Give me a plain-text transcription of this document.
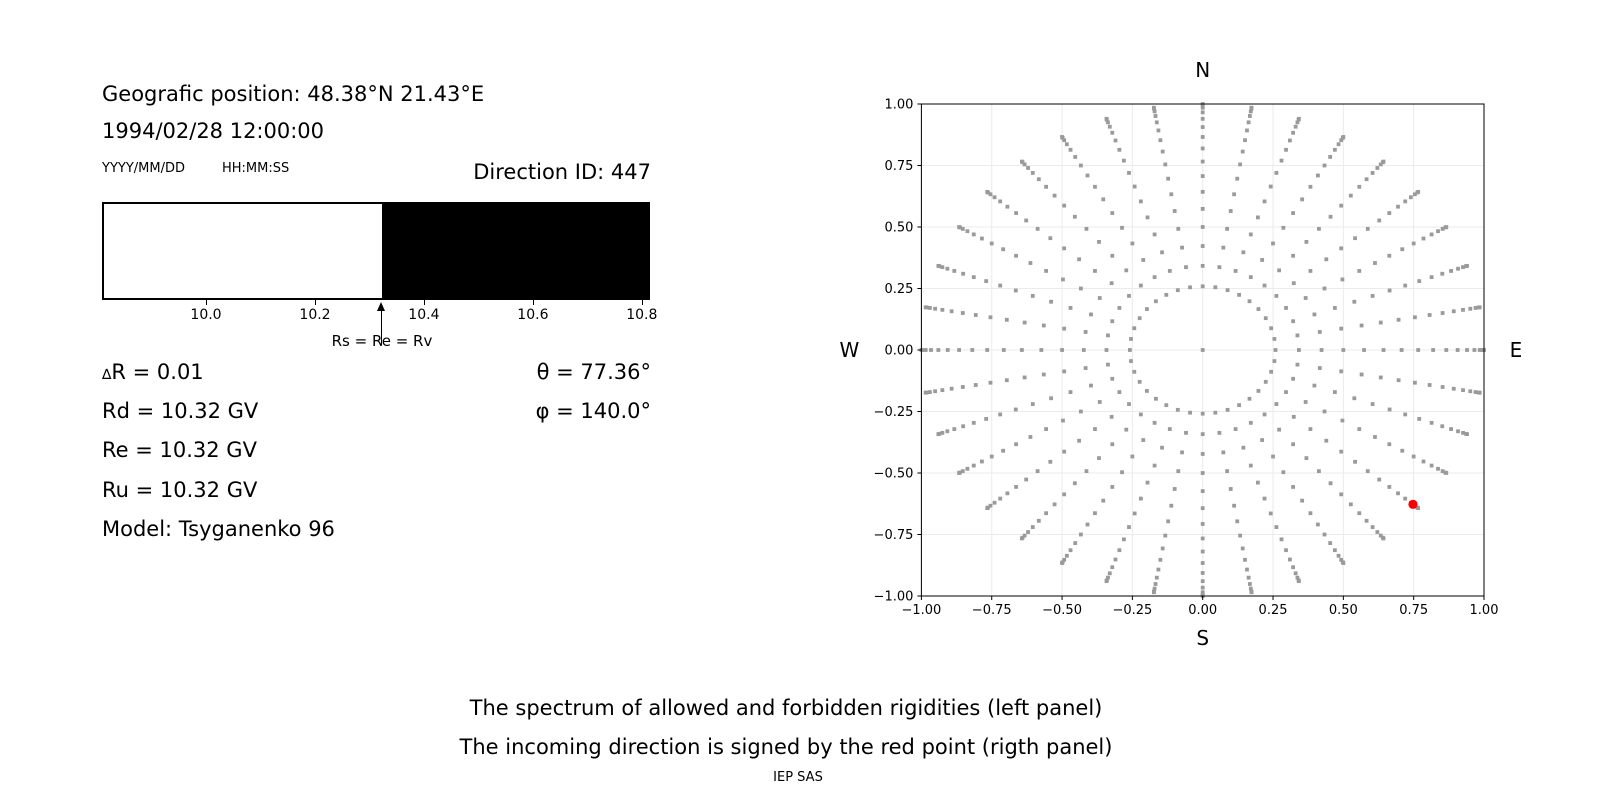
Geografic position: 48.38°N 21.43°E
1994/02/28 12:00:00
YYYY/MM/DD	HH:MM:SS	Direction ID: 447
10.0	10.2	10.4	10.6	10.8
Rs = Re = Rv
∆R = 0.01
Rd = 10.32 GV
Re = 10.32 GV
Ru = 10.32 GV
Model: Tsyganenko 96
θ = 77.36°
φ = 140.0°
−1.00 −0.75 −0.50 −0.25	0.00	0.25	0.50	0.75	1.00
−1.00
−0.75
−0.50
−0.25
0.00
0.25
0.50
0.75
1.00
N
S
W	E
The spectrum of allowed and forbidden rigidities (left panel)
The incoming direction is signed by the red point (rigth panel)
IEP SAS
